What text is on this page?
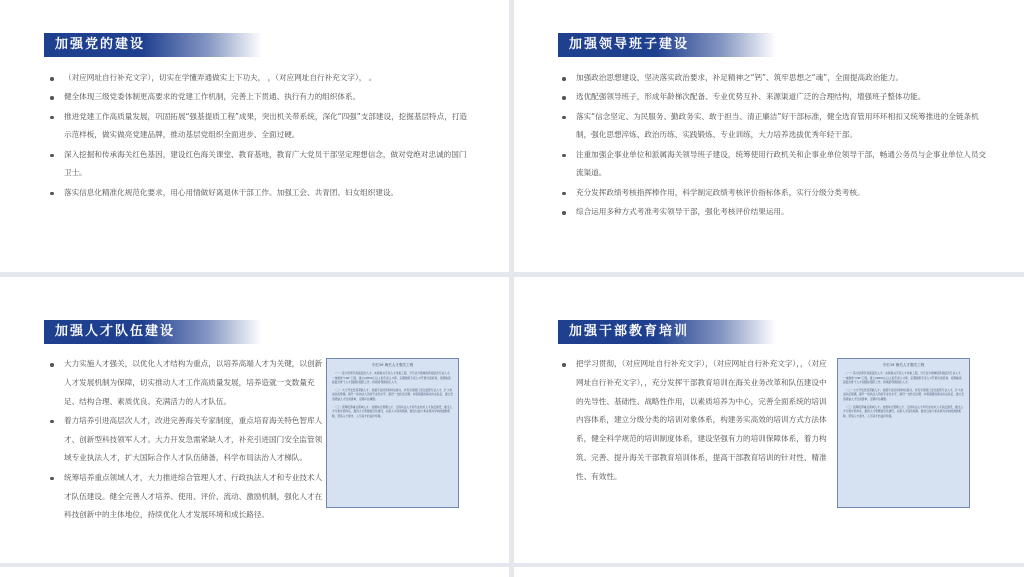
加强党的建设
（对应网址自行补充文字），切实在学懂弄通做实上下功夫， ，（对应网址自行补充文字）， 。
健全体现三级党委体制更高要求的党建工作机制，完善上下贯通、执行有力的组织体系。
推进党建工作高质量发展，巩固拓展“强基提质工程”成果，突出机关带系统，深化“四强”支部建设，挖掘基层特点，打造示范样板，做实做亮党建品牌，推动基层党组织全面进步、全面过硬。
深入挖掘和传承海关红色基因，建设红色海关课堂、教育基地，教育广大党员干部坚定理想信念，做对党绝对忠诚的国门卫士。
落实信息化精准化规范化要求，用心用情做好离退休干部工作。加强工会、共青团、妇女组织建设。
加强领导班子建设
加强政治思想建设，坚决落实政治要求，补足精神之“钙”、筑牢思想之“魂”，全面提高政治能力。
选优配强领导班子，形成年龄梯次配备、专业优势互补、来源渠道广泛的合理结构，增强班子整体功能。
落实“信念坚定、为民服务、勤政务实、敢于担当、清正廉洁”好干部标准，健全选育管用环环相扣又统筹推进的全链条机制，强化思想淬炼、政治历练、实践锻炼、专业训练，大力培养选拔优秀年轻干部。
注重加强企事业单位和派属海关领导班子建设，统筹使用行政机关和企事业单位领导干部，畅通公务员与企事业单位人员交流渠道。
充分发挥政绩考核指挥棒作用，科学制定政绩考核评价指标体系，实行分级分类考核。
综合运用多种方式考准考实领导干部，强化考核评价结果运用。
加强人才队伍建设
大力实施人才强关，以优化人才结构为重点，以培养高端人才为关键，以创新人才发展机制为保障，切实推动人才工作高质量发展，培养造就一支数量充足、结构合理、素质优良、充满活力的人才队伍。
着力培养引进高层次人才，改进完善海关专家制度，重点培育海关特色智库人才、创新型科技领军人才。大力开发急需紧缺人才，补充引进国门安全监管领域专业执法人才，扩大国际合作人才队伍储备，科学布局法治人才梯队。
统筹培养重点领域人才，大力推进综合管理人才、行政执法人才和专业技术人才队伍建设。健全完善人才培养、使用、评价、流动、激励机制，强化人才在科技创新中的主体地位，持续优化人才发展环境和成长路径。
专栏19 海关人才强关工程
（一）着力培养引进高层次人才。实施海关专家人才选拔工程，分专业分领域培养高层次专业人才，一体推进“136”工程，建立10000人以上的专家人才库，定期组织专家人才开展交流培训，培养输送高层次骨干人才到国际组织工作，积极培养国际化人才。
（二）大力开发急需紧缺人才。加强专业培训和岗位练兵，补充引进国门安全监管专业人才，扩大执法队伍规模，提升一线执法人员的专业化水平，建设一支政治过硬、本领高强的海关执法队伍，建立急需紧缺人才目录清单，定期评估调整。
（三）统筹培养重点领域人才。加强综合管理人才、行政执法人才和专业技术人才队伍建设，健全人才分类评价体系，推进人才管理信息化建设，完善人才流动机制，健全以能力和业绩为导向的激励机制，营造人才辈出、人尽其才的良好环境。
加强干部教育培训
把学习贯彻，（对应网址自行补充文字），（对应网址自行补充文字），，（对应网址自行补充文字），，充分发挥干部教育培训在海关业务改革和队伍建设中的先导性、基础性、战略性作用，以素质培养为中心，完善全面系统的培训内容体系，建立分级分类的培训对象体系，构建务实高效的培训方式方法体系，健全科学规范的培训制度体系，建设坚强有力的培训保障体系，着力构筑、完善、提升海关干部教育培训体系，提高干部教育培训的针对性、精准性、有效性。
专栏19 海关人才强关工程
（一）着力培养引进高层次人才。实施海关专家人才选拔工程，分专业分领域培养高层次专业人才，一体推进“136”工程，建立10000人以上的专家人才库，定期组织专家人才开展交流培训，培养输送高层次骨干人才到国际组织工作，积极培养国际化人才。
（二）大力开发急需紧缺人才。加强专业培训和岗位练兵，补充引进国门安全监管专业人才，扩大执法队伍规模，提升一线执法人员的专业化水平，建设一支政治过硬、本领高强的海关执法队伍，建立急需紧缺人才目录清单，定期评估调整。
（三）统筹培养重点领域人才。加强综合管理人才、行政执法人才和专业技术人才队伍建设，健全人才分类评价体系，推进人才管理信息化建设，完善人才流动机制，健全以能力和业绩为导向的激励机制，营造人才辈出、人尽其才的良好环境。
